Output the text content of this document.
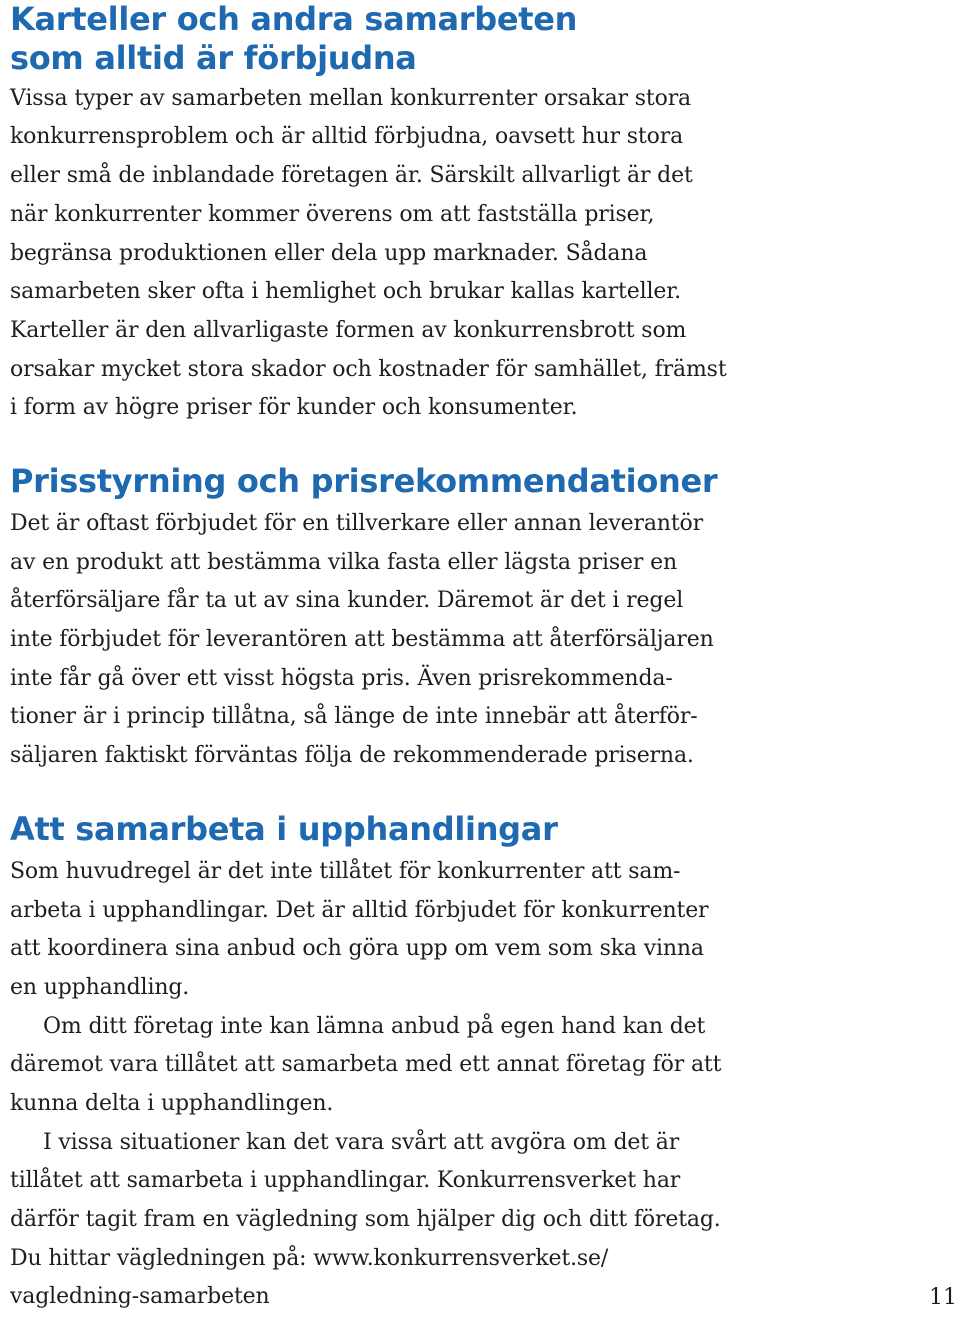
Karteller och andra samarbeten
som alltid är förbjudna

Vissa typer av samarbeten mellan konkurrenter orsakar stora

konkurrensproblem och är alltid förbjudna, oavsett hur stora

eller små de inblandade företagen är. Särskilt allvarligt är det

när konkurrenter kommer överens om att fastställa priser,

begränsa produktionen eller dela upp marknader. Sådana

samarbeten sker ofta i hemlighet och brukar kallas karteller.

Karteller är den allvarligaste formen av konkurrensbrott som

orsakar mycket stora skador och kostnader för samhället, främst

i form av högre priser för kunder och konsumenter.

Prisstyrning och prisrekommendationer

Det är oftast förbjudet för en tillverkare eller annan leverantör

av en produkt att bestämma vilka fasta eller lägsta priser en

återförsäljare får ta ut av sina kunder. Däremot är det i regel

inte förbjudet för leverantören att bestämma att återförsäljaren

inte får gå över ett visst högsta pris. Även prisrekommenda-

tioner är i princip tillåtna, så länge de inte innebär att återför-

säljaren faktiskt förväntas följa de rekommenderade priserna.

Att samarbeta i upphandlingar

Som huvudregel är det inte tillåtet för konkurrenter att sam-

arbeta i upphandlingar. Det är alltid förbjudet för konkurrenter

att koordinera sina anbud och göra upp om vem som ska vinna

en upphandling.

Om ditt företag inte kan lämna anbud på egen hand kan det

däremot vara tillåtet att samarbeta med ett annat företag för att

kunna delta i upphandlingen.

I vissa situationer kan det vara svårt att avgöra om det är

tillåtet att samarbeta i upphandlingar. Konkurrensverket har

därför tagit fram en vägledning som hjälper dig och ditt företag.

Du hittar vägledningen på: www.konkurrensverket.se/

vagledning-samarbeten	11
